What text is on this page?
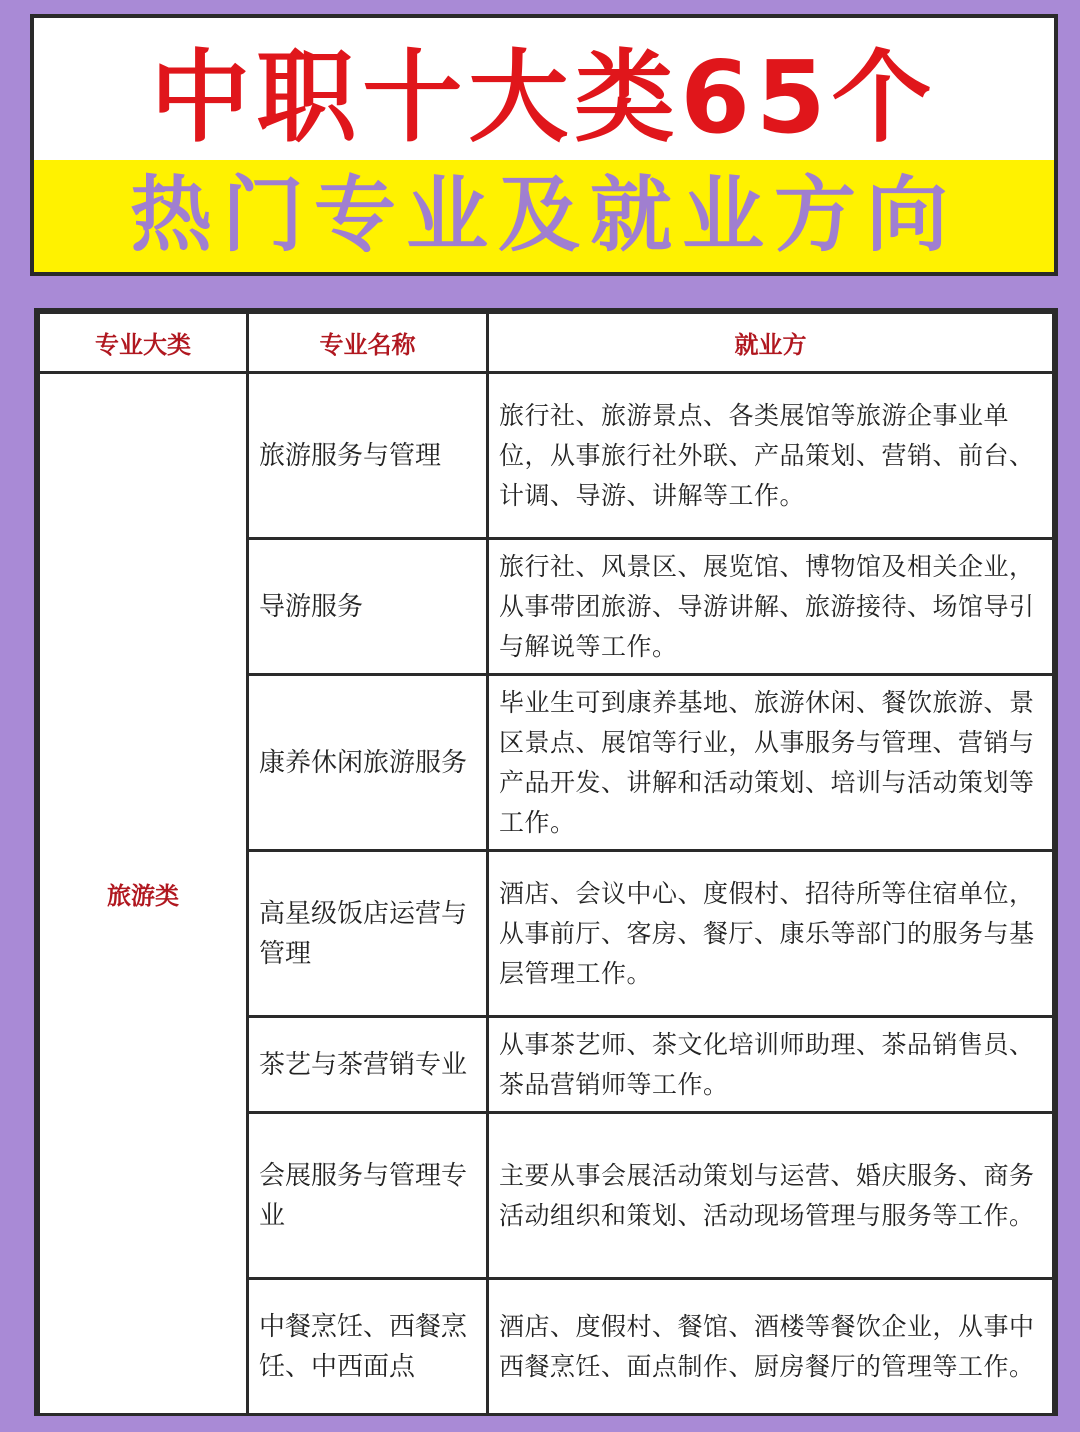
中职十大类65个
热门专业及就业方向
专业大类	专业名称	就业方
旅游类	旅游服务与管理	旅行社、旅游景点、各类展馆等旅游企事业单位，从事旅行社外联、产品策划、营销、前台、计调、导游、讲解等工作。
	导游服务	旅行社、风景区、展览馆、博物馆及相关企业，从事带团旅游、导游讲解、旅游接待、场馆导引与解说等工作。
	康养休闲旅游服务	毕业生可到康养基地、旅游休闲、餐饮旅游、景区景点、展馆等行业，从事服务与管理、营销与产品开发、讲解和活动策划、培训与活动策划等工作。
	高星级饭店运营与管理	酒店、会议中心、度假村、招待所等住宿单位，从事前厅、客房、餐厅、康乐等部门的服务与基层管理工作。
	茶艺与茶营销专业	从事茶艺师、茶文化培训师助理、茶品销售员、茶品营销师等工作。
	会展服务与管理专业	主要从事会展活动策划与运营、婚庆服务、商务活动组织和策划、活动现场管理与服务等工作。
	中餐烹饪、西餐烹饪、中西面点	酒店、度假村、餐馆、酒楼等餐饮企业，从事中西餐烹饪、面点制作、厨房餐厅的管理等工作。
